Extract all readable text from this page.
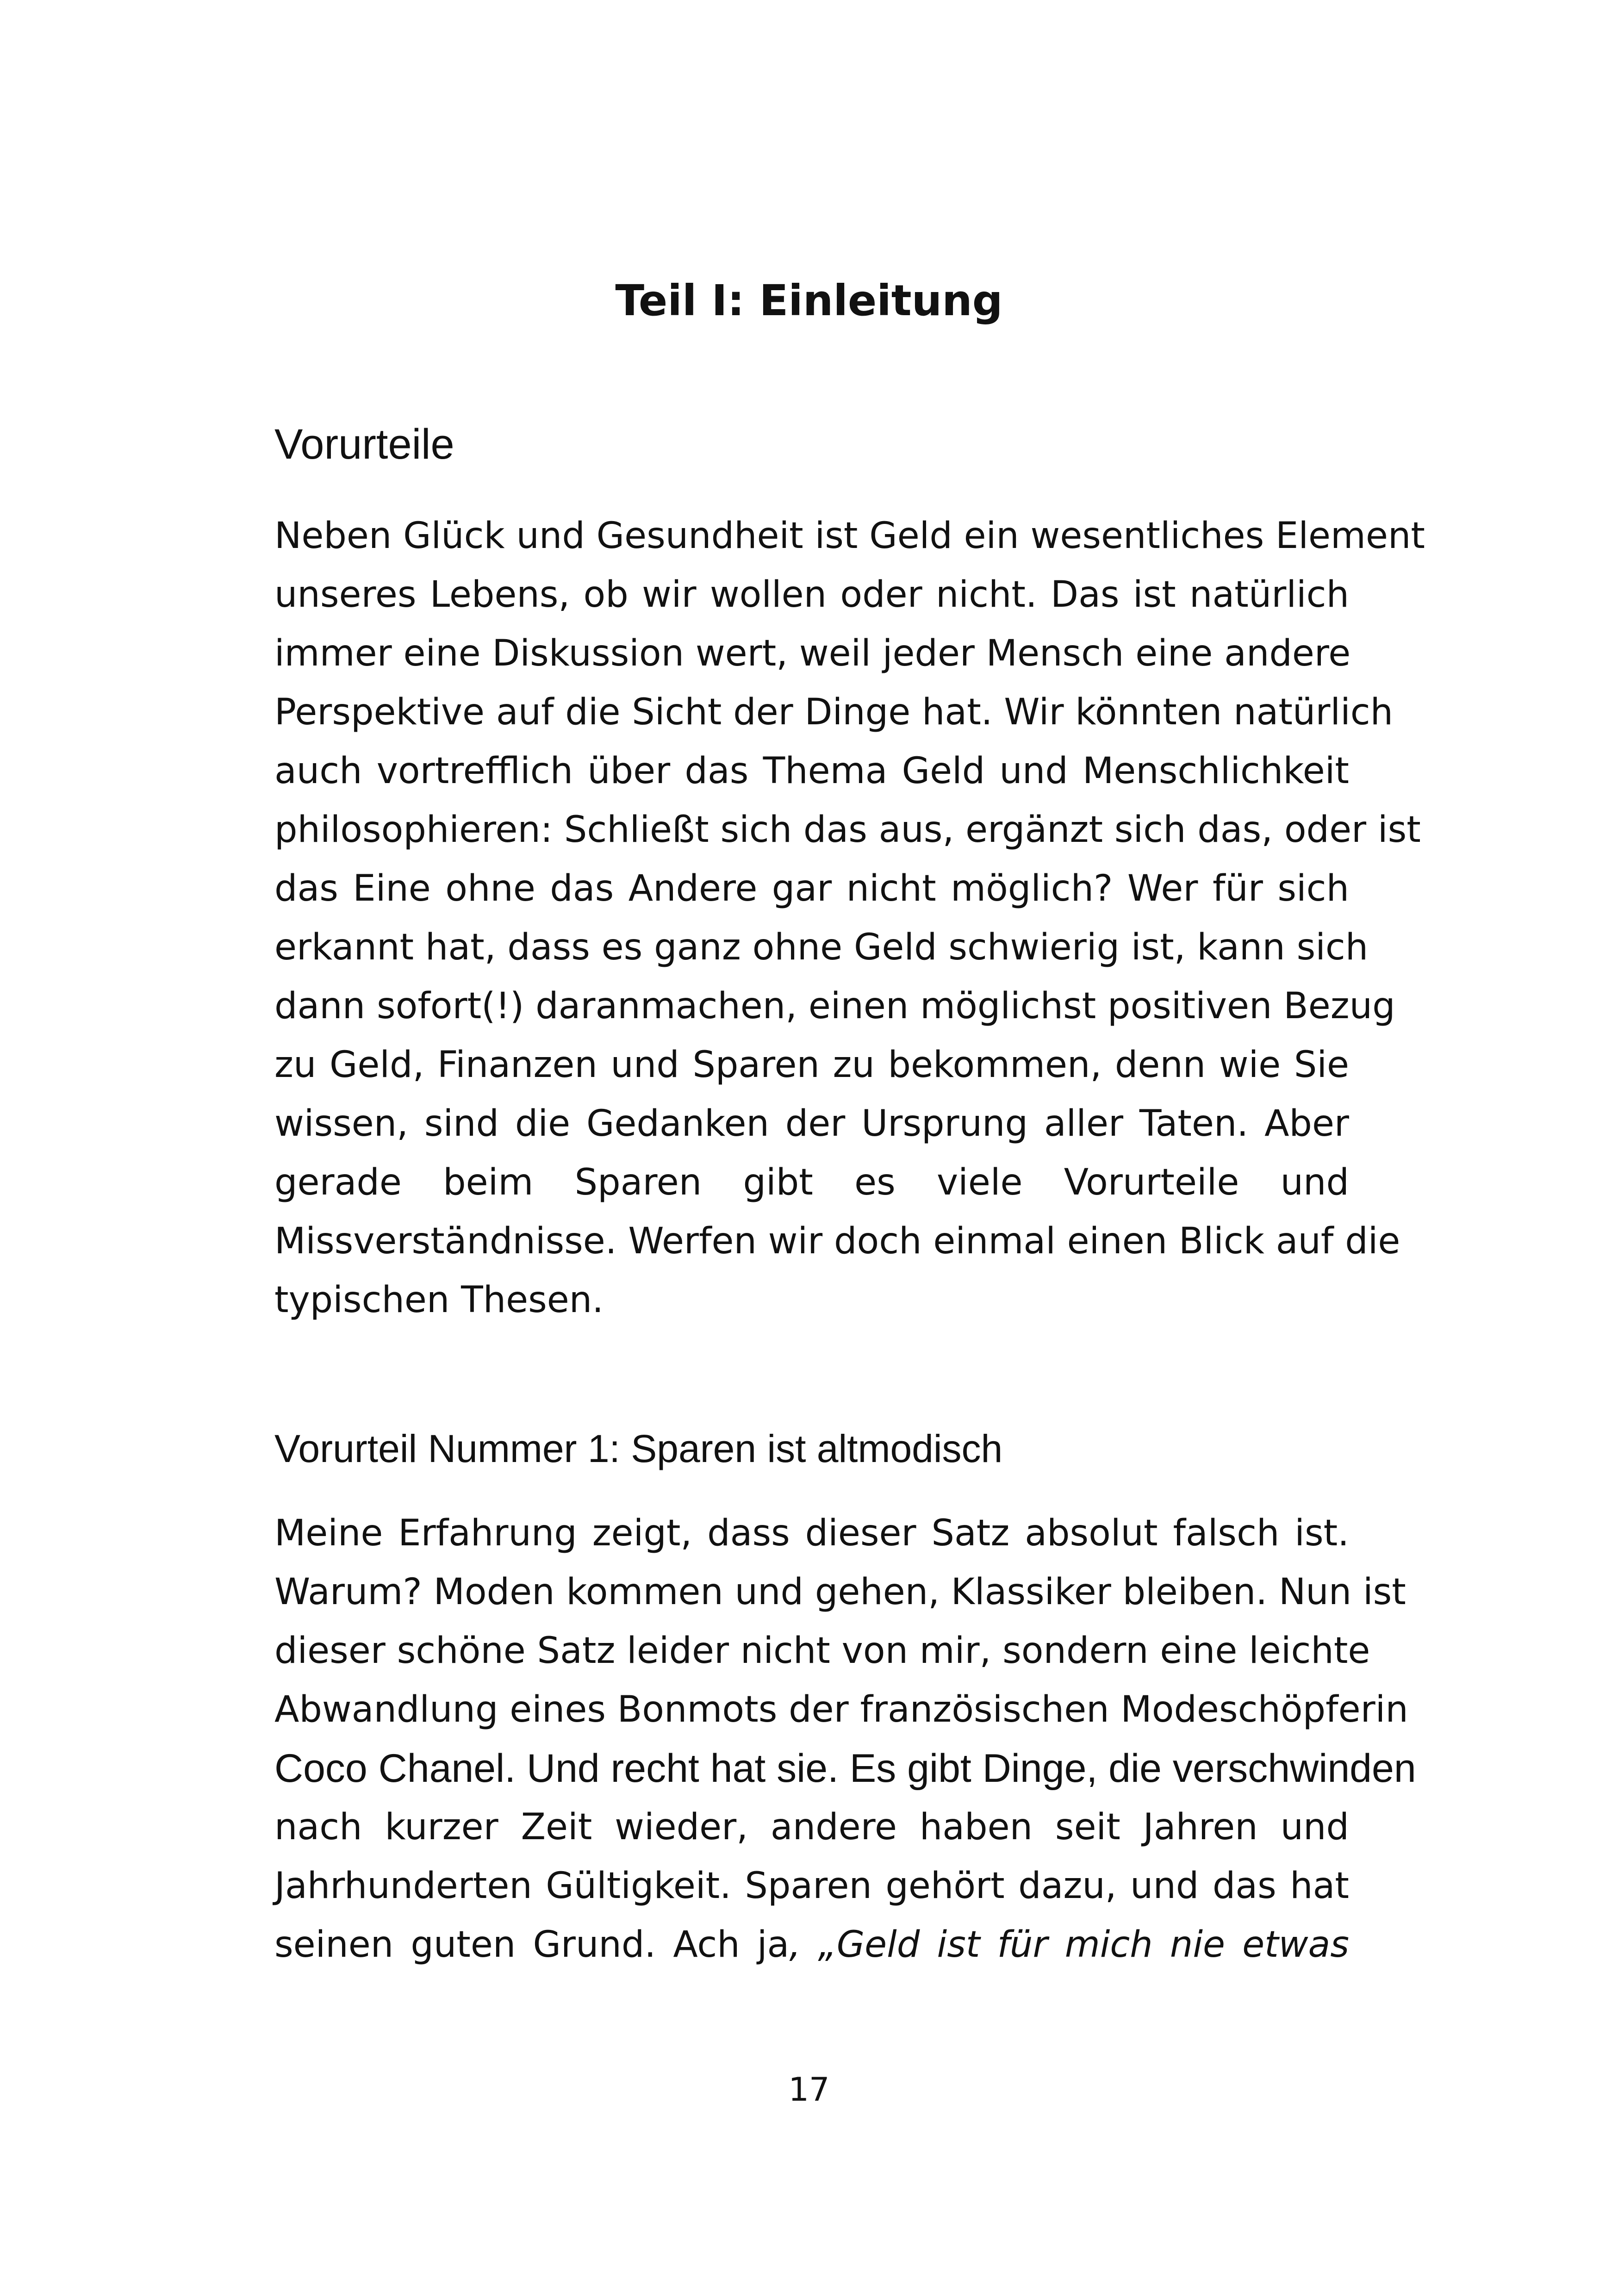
Teil I: Einleitung
Vorurteile
Neben Glück und Gesundheit ist Geld ein wesentliches Element
unseres Lebens, ob wir wollen oder nicht. Das ist natürlich
immer eine Diskussion wert, weil jeder Mensch eine andere
Perspektive auf die Sicht der Dinge hat. Wir könnten natürlich
auch vortrefflich über das Thema Geld und Menschlichkeit
philosophieren: Schließt sich das aus, ergänzt sich das, oder ist
das Eine ohne das Andere gar nicht möglich? Wer für sich
erkannt hat, dass es ganz ohne Geld schwierig ist, kann sich
dann sofort(!) daranmachen, einen möglichst positiven Bezug
zu Geld, Finanzen und Sparen zu bekommen, denn wie Sie
wissen, sind die Gedanken der Ursprung aller Taten. Aber
gerade beim Sparen gibt es viele Vorurteile und
Missverständnisse. Werfen wir doch einmal einen Blick auf die
typischen Thesen.
Vorurteil Nummer 1: Sparen ist altmodisch
Meine Erfahrung zeigt, dass dieser Satz absolut falsch ist.
Warum? Moden kommen und gehen, Klassiker bleiben. Nun ist
dieser schöne Satz leider nicht von mir, sondern eine leichte
Abwandlung eines Bonmots der französischen Modeschöpferin
Coco Chanel. Und recht hat sie. Es gibt Dinge, die verschwinden
nach kurzer Zeit wieder, andere haben seit Jahren und
Jahrhunderten Gültigkeit. Sparen gehört dazu, und das hat
seinen guten Grund. Ach ja, „Geld ist für mich nie etwas
17
